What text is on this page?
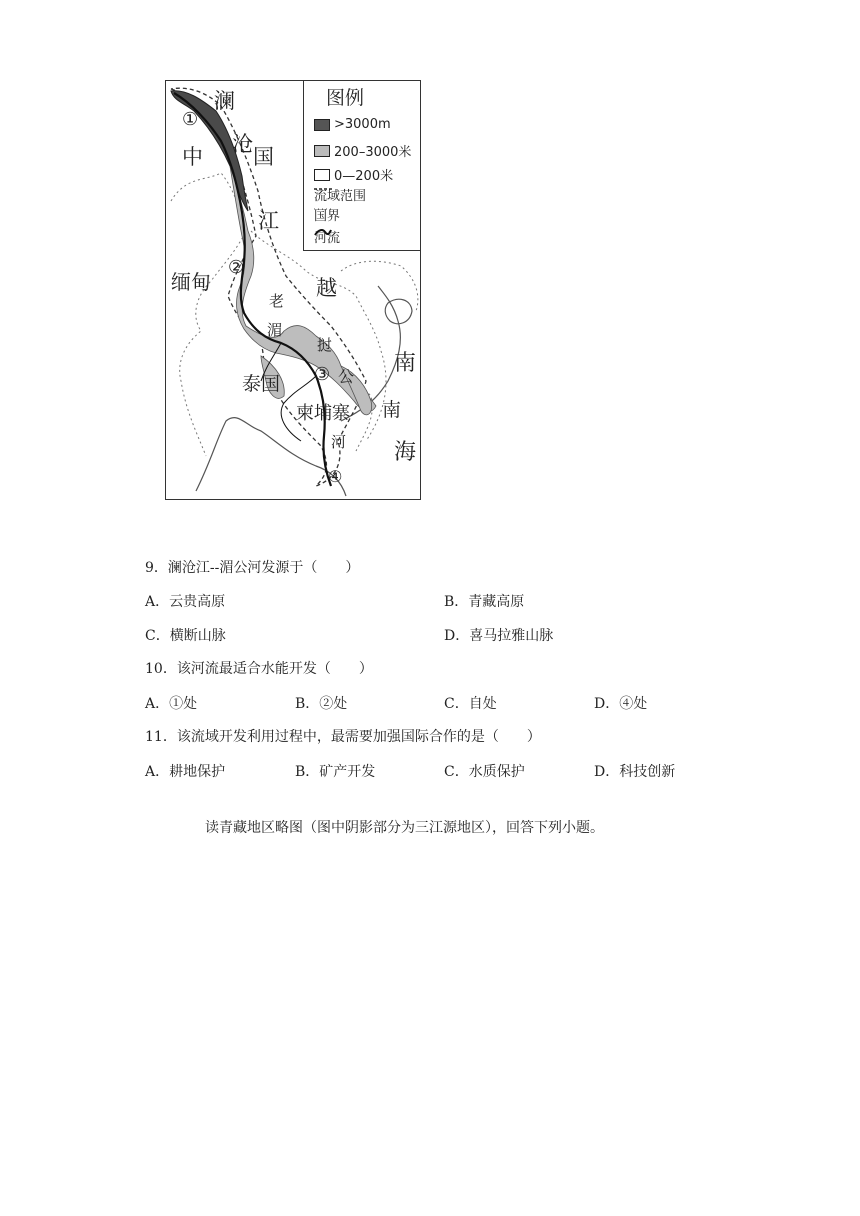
图例
>3000m
200–3000米
0—200米
流域范围
国界
河流
澜
①
沧
中 国
江
②
缅甸	越
老
湄
挝
南
③ 公
泰国
柬埔寨 南
河 海
④
9．澜沧江--湄公河发源于（　　）
A．云贵高原	B．青藏高原
C．横断山脉	D．喜马拉雅山脉
10．该河流最适合水能开发（　　）
A．①处	B．②处	C．自处	D．④处
11．该流域开发利用过程中，最需要加强国际合作的是（　　）
A．耕地保护	B．矿产开发	C．水质保护	D．科技创新
读青藏地区略图（图中阴影部分为三江源地区），回答下列小题。
